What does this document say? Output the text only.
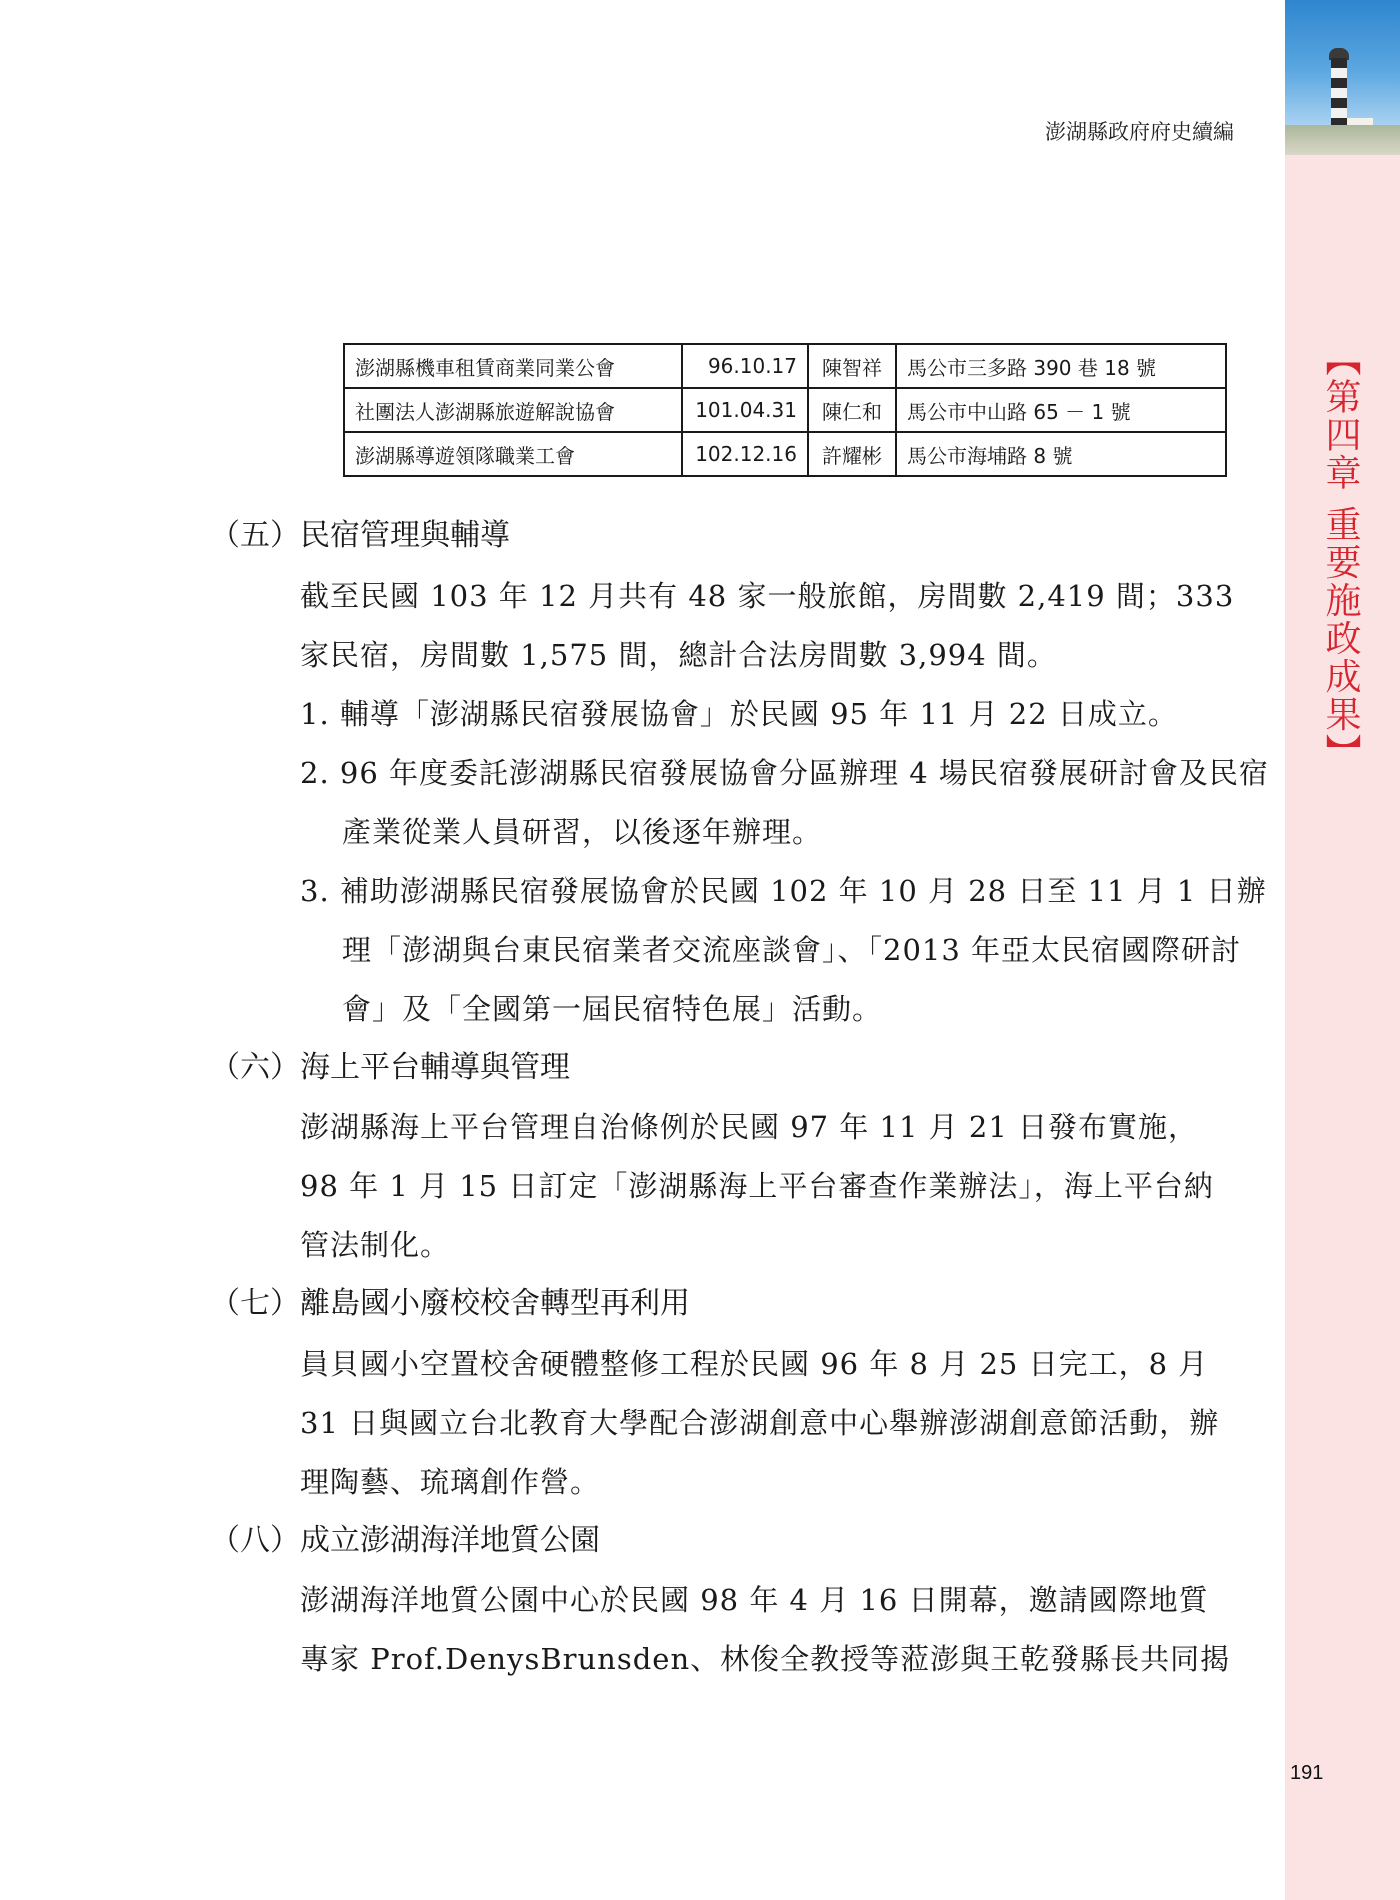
【第四章 重要施政成果】
澎湖縣政府府史續編
澎湖縣機車租賃商業同業公會	96.10.17	陳智祥	馬公市三多路 390 巷 18 號
社團法人澎湖縣旅遊解說協會	101.04.31	陳仁和	馬公市中山路 65 － 1 號
澎湖縣導遊領隊職業工會	102.12.16	許耀彬	馬公市海埔路 8 號
（五）民宿管理與輔導
截至民國 103 年 12 月共有 48 家一般旅館，房間數 2,419 間；333 家民宿，房間數 1,575 間，總計合法房間數 3,994 間。
1. 輔導「澎湖縣民宿發展協會」於民國 95 年 11 月 22 日成立。
2. 96 年度委託澎湖縣民宿發展協會分區辦理 4 場民宿發展研討會及民宿產業從業人員研習，以後逐年辦理。
3. 補助澎湖縣民宿發展協會於民國 102 年 10 月 28 日至 11 月 1 日辦理「澎湖與台東民宿業者交流座談會」、「2013 年亞太民宿國際研討會」及「全國第一屆民宿特色展」活動。
（六）海上平台輔導與管理
澎湖縣海上平台管理自治條例於民國 97 年 11 月 21 日發布實施，98 年 1 月 15 日訂定「澎湖縣海上平台審查作業辦法」，海上平台納管法制化。
（七）離島國小廢校校舍轉型再利用
員貝國小空置校舍硬體整修工程於民國 96 年 8 月 25 日完工，8 月 31 日與國立台北教育大學配合澎湖創意中心舉辦澎湖創意節活動，辦理陶藝、琉璃創作營。
（八）成立澎湖海洋地質公園
澎湖海洋地質公園中心於民國 98 年 4 月 16 日開幕，邀請國際地質專家 Prof.DenysBrunsden、林俊全教授等蒞澎與王乾發縣長共同揭
191
